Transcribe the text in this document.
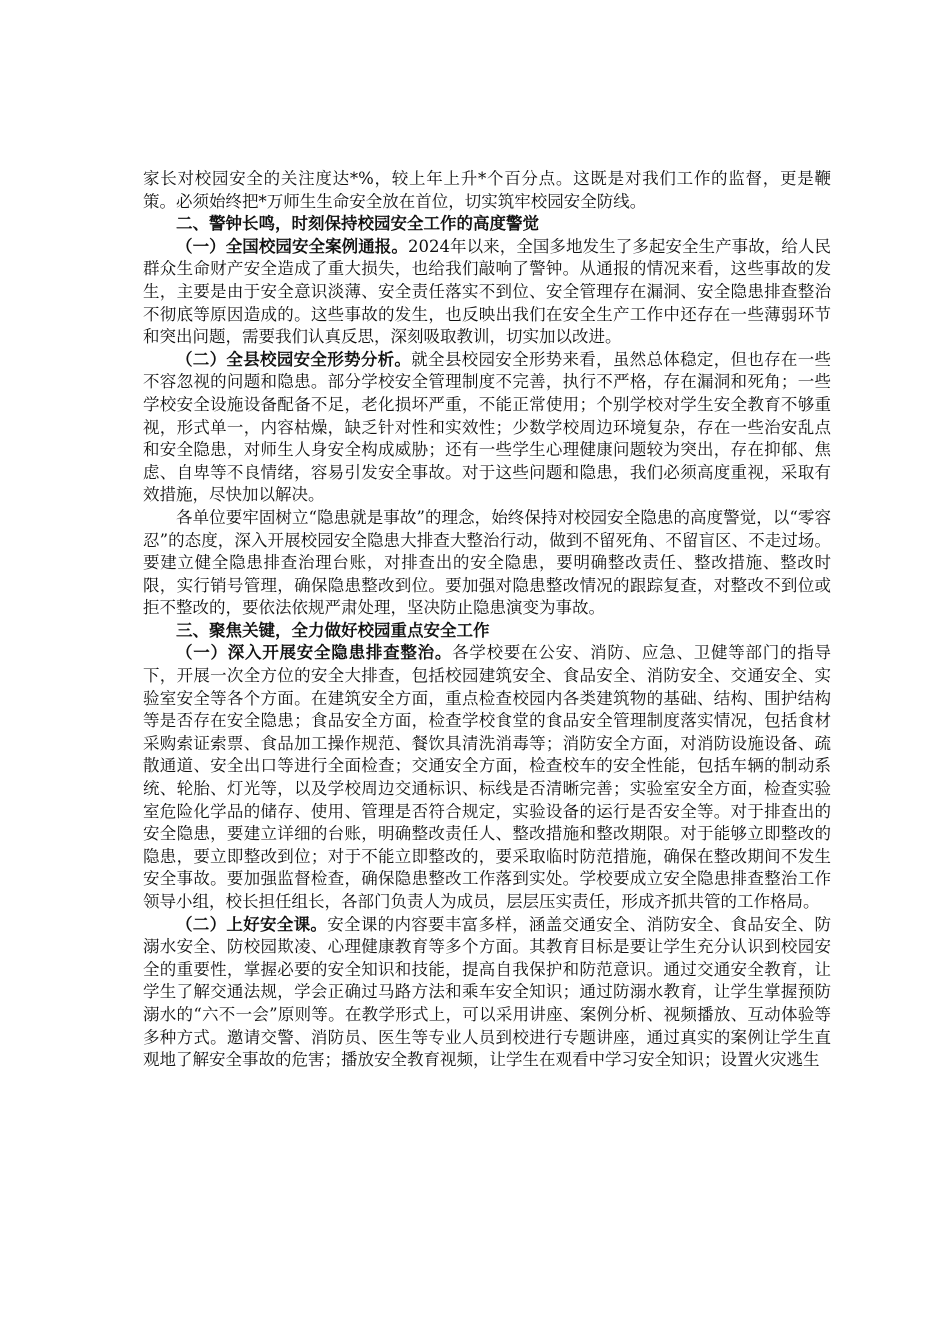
家长对校园安全的关注度达*%，较上年上升*个百分点。这既是对我们工作的监督，更是鞭策。必须始终把*万师生生命安全放在首位，切实筑牢校园安全防线。

二、警钟长鸣，时刻保持校园安全工作的高度警觉

（一）全国校园安全案例通报。2024年以来，全国多地发生了多起安全生产事故，给人民群众生命财产安全造成了重大损失，也给我们敲响了警钟。从通报的情况来看，这些事故的发生，主要是由于安全意识淡薄、安全责任落实不到位、安全管理存在漏洞、安全隐患排查整治不彻底等原因造成的。这些事故的发生，也反映出我们在安全生产工作中还存在一些薄弱环节和突出问题，需要我们认真反思，深刻吸取教训，切实加以改进。

（二）全县校园安全形势分析。就全县校园安全形势来看，虽然总体稳定，但也存在一些不容忽视的问题和隐患。部分学校安全管理制度不完善，执行不严格，存在漏洞和死角；一些学校安全设施设备配备不足，老化损坏严重，不能正常使用；个别学校对学生安全教育不够重视，形式单一，内容枯燥，缺乏针对性和实效性；少数学校周边环境复杂，存在一些治安乱点和安全隐患，对师生人身安全构成威胁；还有一些学生心理健康问题较为突出，存在抑郁、焦虑、自卑等不良情绪，容易引发安全事故。对于这些问题和隐患，我们必须高度重视，采取有效措施，尽快加以解决。

各单位要牢固树立“隐患就是事故”的理念，始终保持对校园安全隐患的高度警觉，以“零容忍”的态度，深入开展校园安全隐患大排查大整治行动，做到不留死角、不留盲区、不走过场。要建立健全隐患排查治理台账，对排查出的安全隐患，要明确整改责任、整改措施、整改时限，实行销号管理，确保隐患整改到位。要加强对隐患整改情况的跟踪复查，对整改不到位或拒不整改的，要依法依规严肃处理，坚决防止隐患演变为事故。

三、聚焦关键，全力做好校园重点安全工作

（一）深入开展安全隐患排查整治。各学校要在公安、消防、应急、卫健等部门的指导下，开展一次全方位的安全大排查，包括校园建筑安全、食品安全、消防安全、交通安全、实验室安全等各个方面。在建筑安全方面，重点检查校园内各类建筑物的基础、结构、围护结构等是否存在安全隐患；食品安全方面，检查学校食堂的食品安全管理制度落实情况，包括食材采购索证索票、食品加工操作规范、餐饮具清洗消毒等；消防安全方面，对消防设施设备、疏散通道、安全出口等进行全面检查；交通安全方面，检查校车的安全性能，包括车辆的制动系统、轮胎、灯光等，以及学校周边交通标识、标线是否清晰完善；实验室安全方面，检查实验室危险化学品的储存、使用、管理是否符合规定，实验设备的运行是否安全等。对于排查出的安全隐患，要建立详细的台账，明确整改责任人、整改措施和整改期限。对于能够立即整改的隐患，要立即整改到位；对于不能立即整改的，要采取临时防范措施，确保在整改期间不发生安全事故。要加强监督检查，确保隐患整改工作落到实处。学校要成立安全隐患排查整治工作领导小组，校长担任组长，各部门负责人为成员，层层压实责任，形成齐抓共管的工作格局。

（二）上好安全课。安全课的内容要丰富多样，涵盖交通安全、消防安全、食品安全、防溺水安全、防校园欺凌、心理健康教育等多个方面。其教育目标是要让学生充分认识到校园安全的重要性，掌握必要的安全知识和技能，提高自我保护和防范意识。通过交通安全教育，让学生了解交通法规，学会正确过马路方法和乘车安全知识；通过防溺水教育，让学生掌握预防溺水的“六不一会”原则等。在教学形式上，可以采用讲座、案例分析、视频播放、互动体验等多种方式。邀请交警、消防员、医生等专业人员到校进行专题讲座，通过真实的案例让学生直观地了解安全事故的危害；播放安全教育视频，让学生在观看中学习安全知识；设置火灾逃生
